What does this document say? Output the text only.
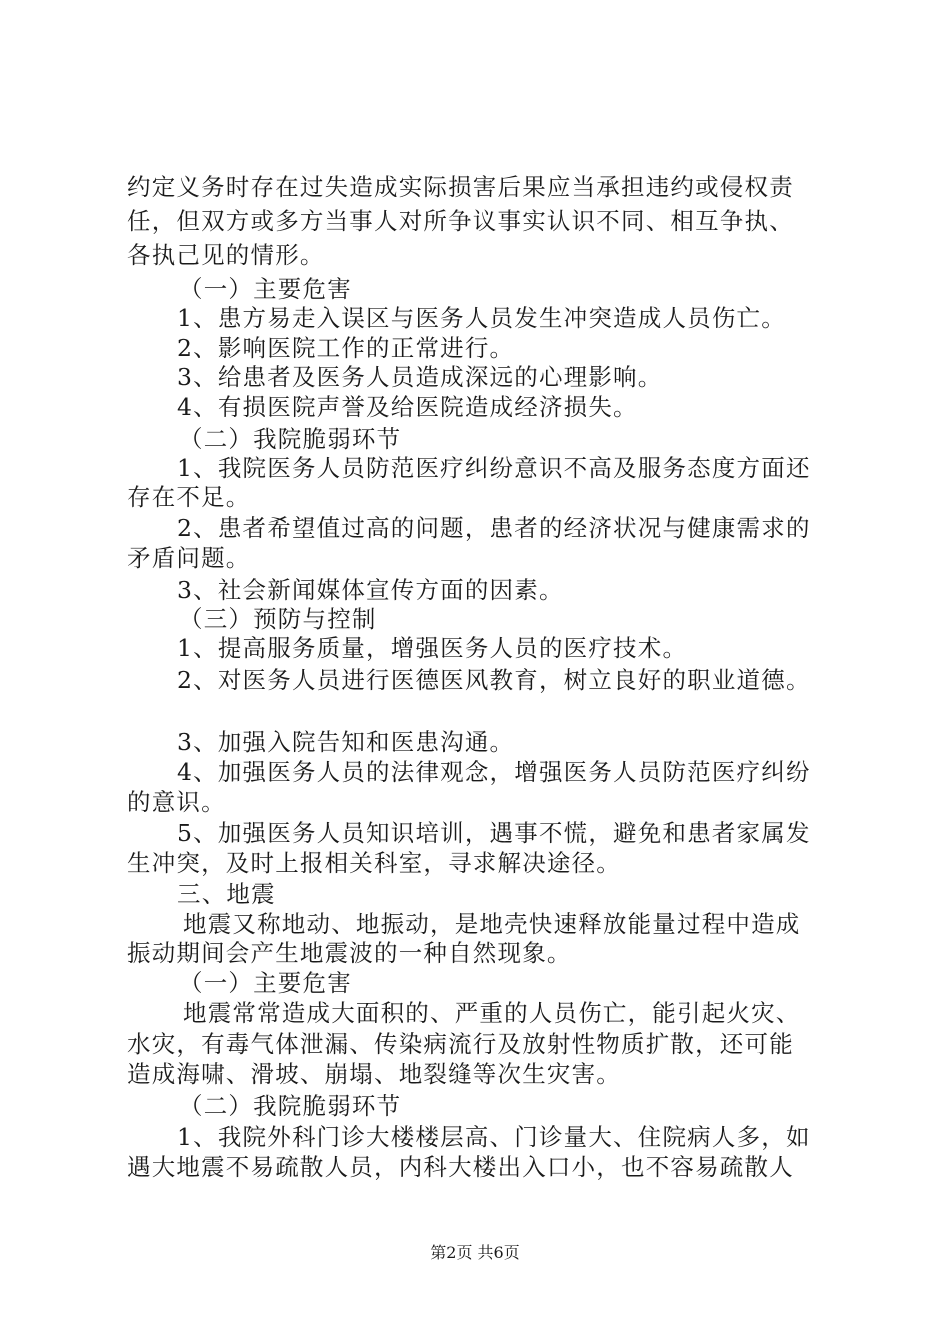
约定义务时存在过失造成实际损害后果应当承担违约或侵权责
任，但双方或多方当事人对所争议事实认识不同、相互争执、
各执己见的情形。
（一）主要危害
1、患方易走入误区与医务人员发生冲突造成人员伤亡。
2、影响医院工作的正常进行。
3、给患者及医务人员造成深远的心理影响。
4、有损医院声誉及给医院造成经济损失。
（二）我院脆弱环节
1、我院医务人员防范医疗纠纷意识不高及服务态度方面还
存在不足。
2、患者希望值过高的问题，患者的经济状况与健康需求的
矛盾问题。
3、社会新闻媒体宣传方面的因素。
（三）预防与控制
1、提高服务质量，增强医务人员的医疗技术。
2、对医务人员进行医德医风教育，树立良好的职业道德。
3、加强入院告知和医患沟通。
4、加强医务人员的法律观念，增强医务人员防范医疗纠纷
的意识。
5、加强医务人员知识培训，遇事不慌，避免和患者家属发
生冲突，及时上报相关科室，寻求解决途径。
三、地震
地震又称地动、地振动，是地壳快速释放能量过程中造成
振动期间会产生地震波的一种自然现象。
（一）主要危害
地震常常造成大面积的、严重的人员伤亡，能引起火灾、
水灾，有毒气体泄漏、传染病流行及放射性物质扩散，还可能
造成海啸、滑坡、崩塌、地裂缝等次生灾害。
（二）我院脆弱环节
1、我院外科门诊大楼楼层高、门诊量大、住院病人多，如
遇大地震不易疏散人员，内科大楼出入口小，也不容易疏散人
第2页 共6页
